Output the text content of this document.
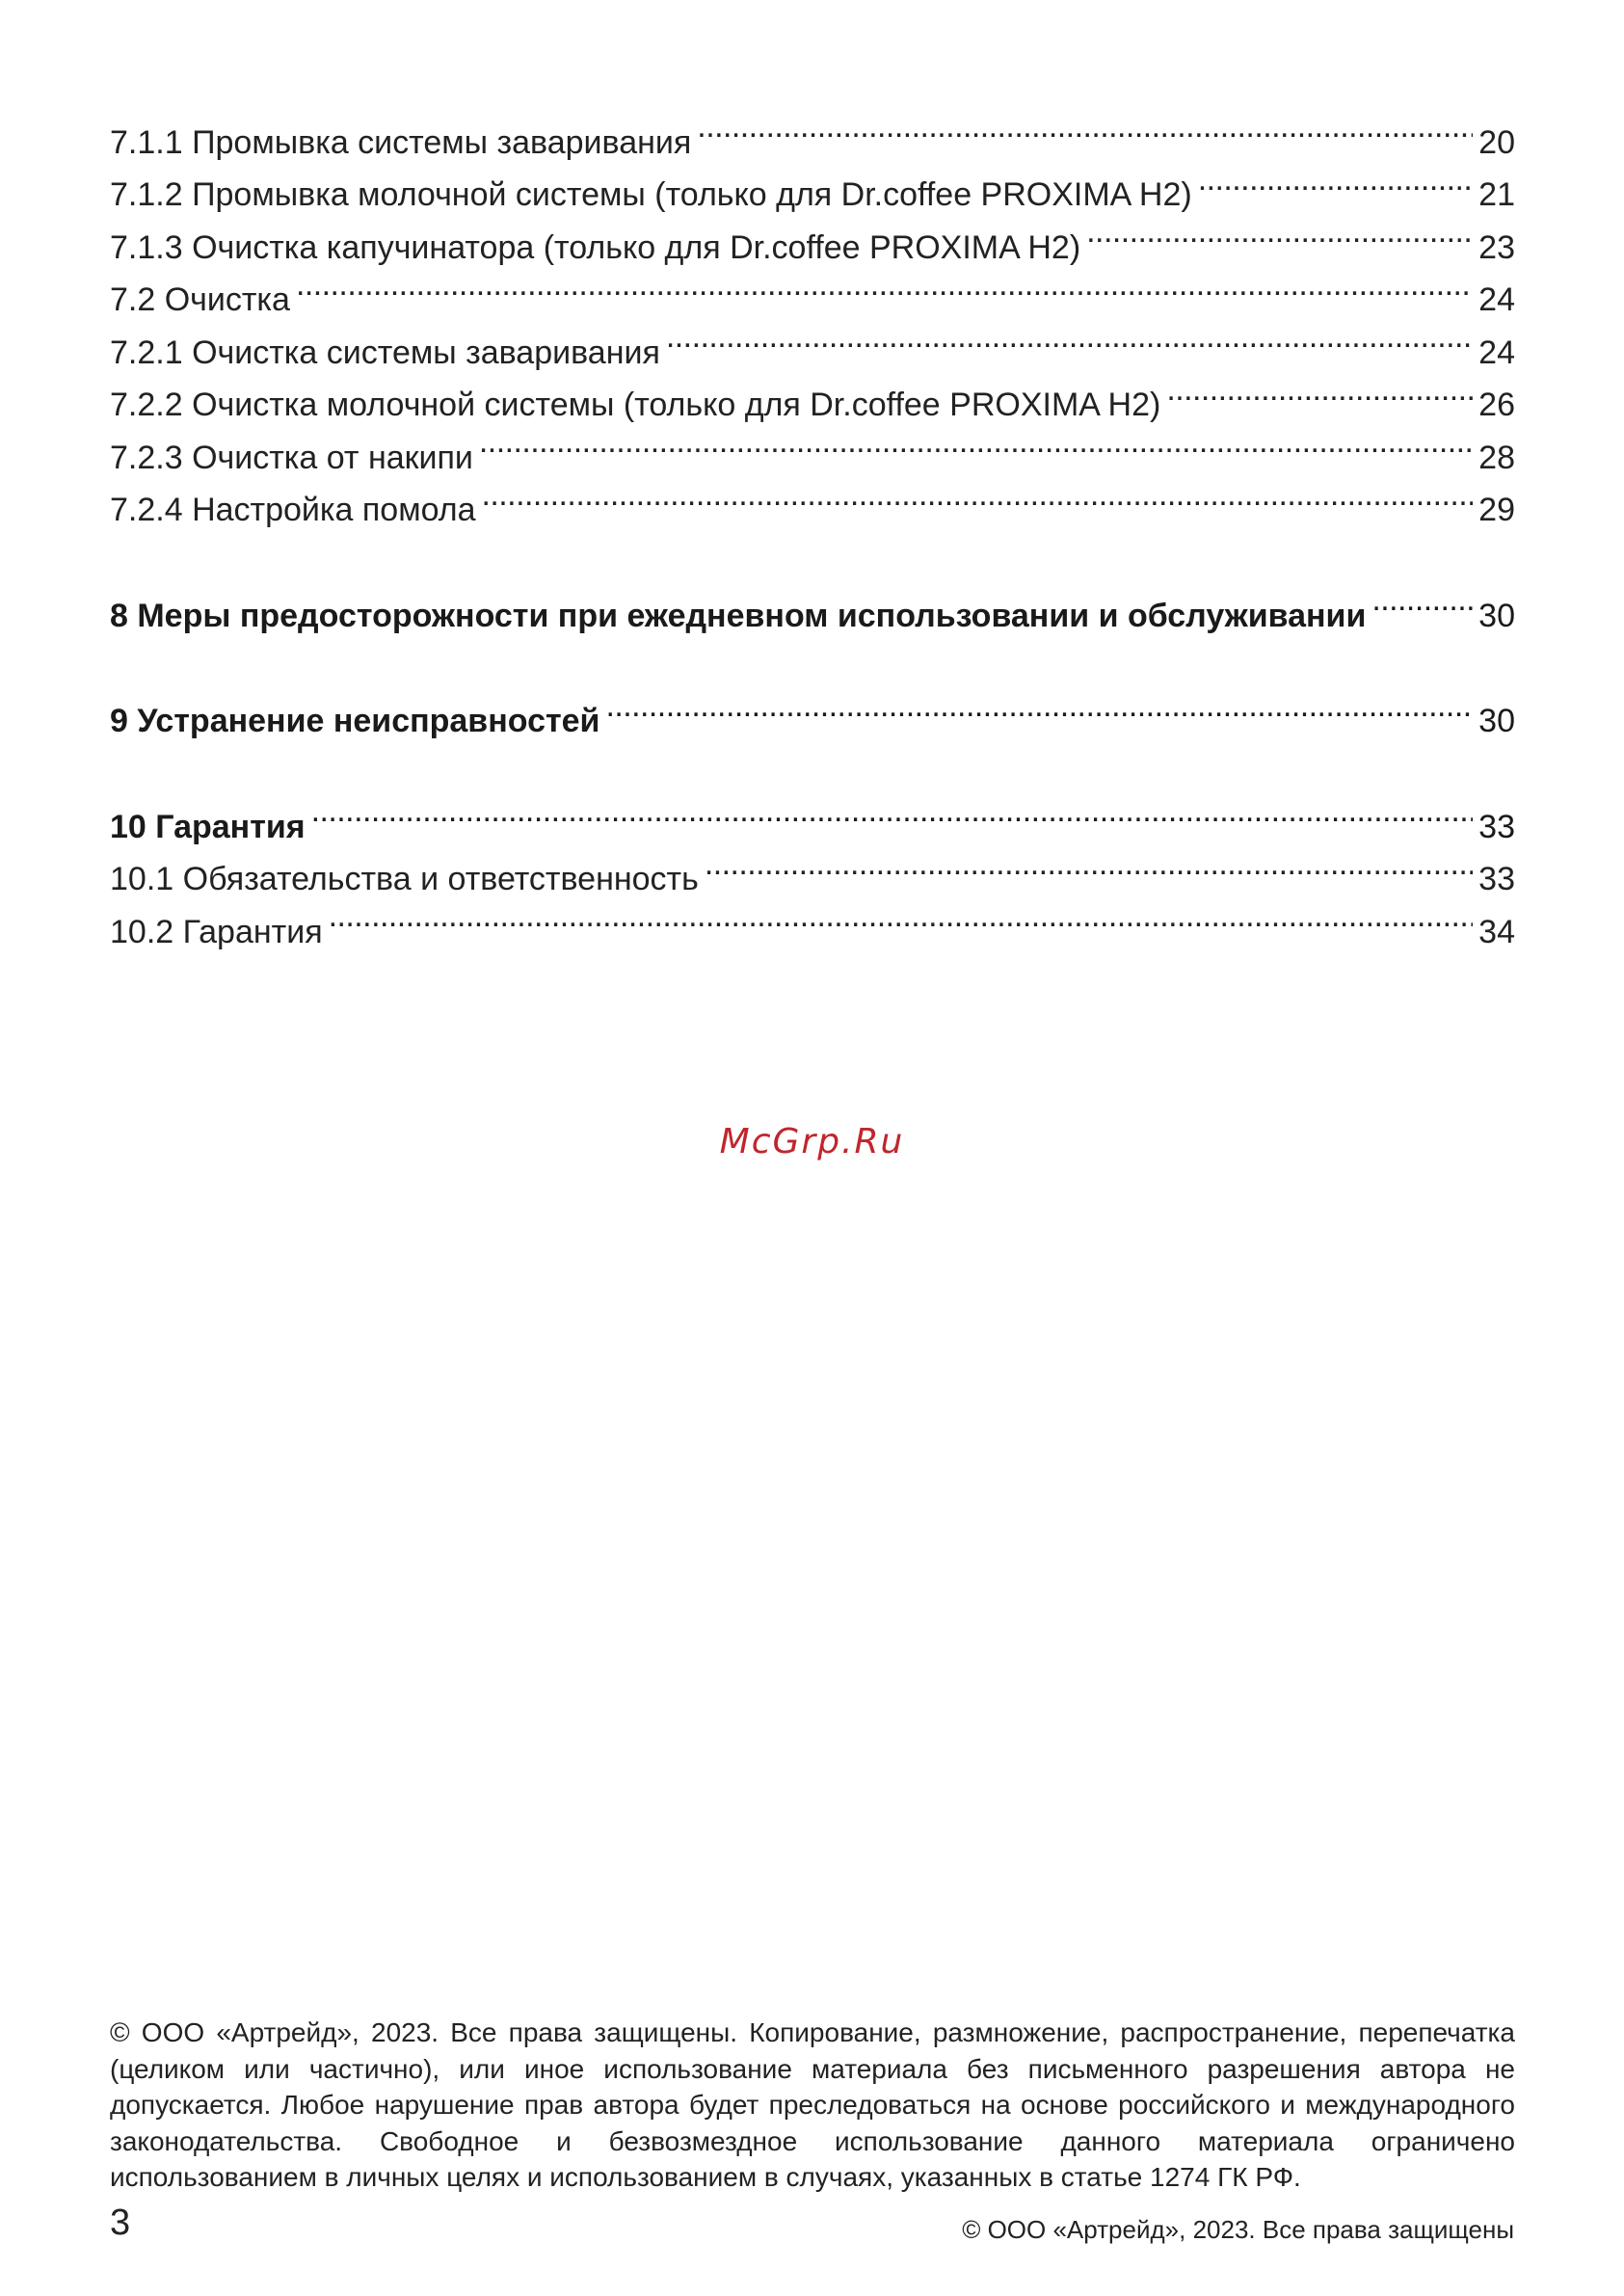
7.1.1 Промывка системы заваривания . . .	20
7.1.2 Промывка молочной системы (только для Dr.coffee PROXIMA H2) . . .	21
7.1.3 Очистка капучинатора (только для Dr.coffee PROXIMA H2) . . .	23
7.2 Очистка . . .	24
7.2.1 Очистка системы заваривания . . .	24
7.2.2 Очистка молочной системы (только для Dr.coffee PROXIMA H2) . . .	26
7.2.3 Очистка от накипи . . .	28
7.2.4 Настройка помола . . .	29
8 Меры предосторожности при ежедневном использовании и обслуживании . . .	30
9 Устранение неисправностей . . .	30
10 Гарантия . . .	33
10.1 Обязательства и ответственность . . .	33
10.2 Гарантия . . .	34
McGrp.Ru
© ООО «Артрейд», 2023. Все права защищены. Копирование, размножение, распространение, перепечатка (целиком или частично), или иное использование материала без письменного разрешения автора не допускается. Любое нарушение прав автора будет преследоваться на основе российского и международного законодательства. Свободное и безвозмездное использование данного материала ограничено использованием в личных целях и использованием в случаях, указанных в статье 1274 ГК РФ.
3	© ООО «Артрейд», 2023. Все права защищены
